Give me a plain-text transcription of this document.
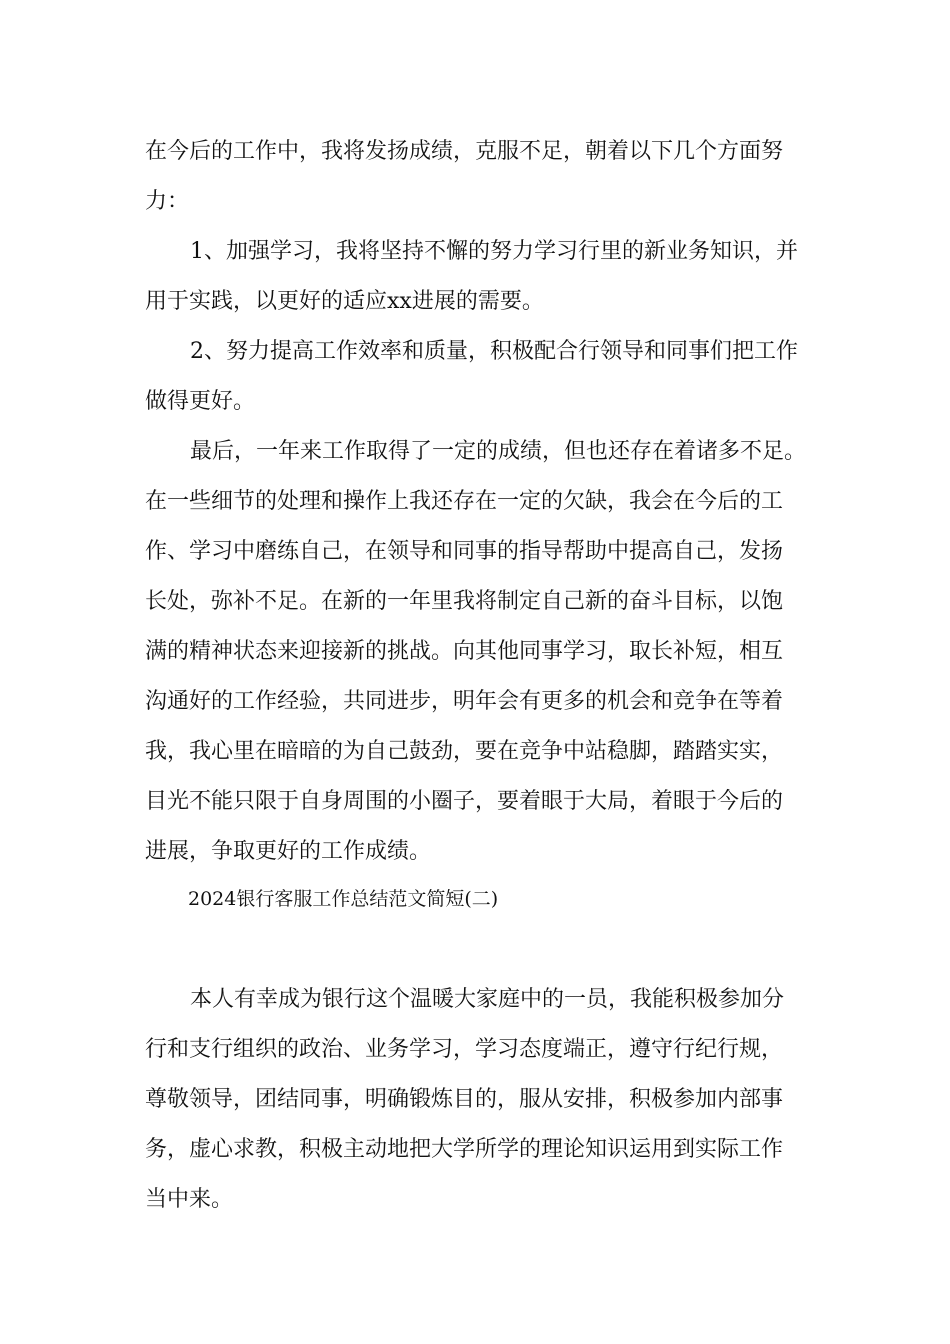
在今后的工作中，我将发扬成绩，克服不足，朝着以下几个方面努
力：
1、加强学习，我将坚持不懈的努力学习行里的新业务知识，并
用于实践，以更好的适应xx进展的需要。
2、努力提高工作效率和质量，积极配合行领导和同事们把工作
做得更好。
最后，一年来工作取得了一定的成绩，但也还存在着诸多不足。
在一些细节的处理和操作上我还存在一定的欠缺，我会在今后的工
作、学习中磨练自己，在领导和同事的指导帮助中提高自己，发扬
长处，弥补不足。在新的一年里我将制定自己新的奋斗目标，以饱
满的精神状态来迎接新的挑战。向其他同事学习，取长补短，相互
沟通好的工作经验，共同进步，明年会有更多的机会和竞争在等着
我，我心里在暗暗的为自己鼓劲，要在竞争中站稳脚，踏踏实实，
目光不能只限于自身周围的小圈子，要着眼于大局，着眼于今后的
进展，争取更好的工作成绩。
2024银行客服工作总结范文简短(二)
本人有幸成为银行这个温暖大家庭中的一员，我能积极参加分
行和支行组织的政治、业务学习，学习态度端正，遵守行纪行规，
尊敬领导，团结同事，明确锻炼目的，服从安排，积极参加内部事
务，虚心求教，积极主动地把大学所学的理论知识运用到实际工作
当中来。
